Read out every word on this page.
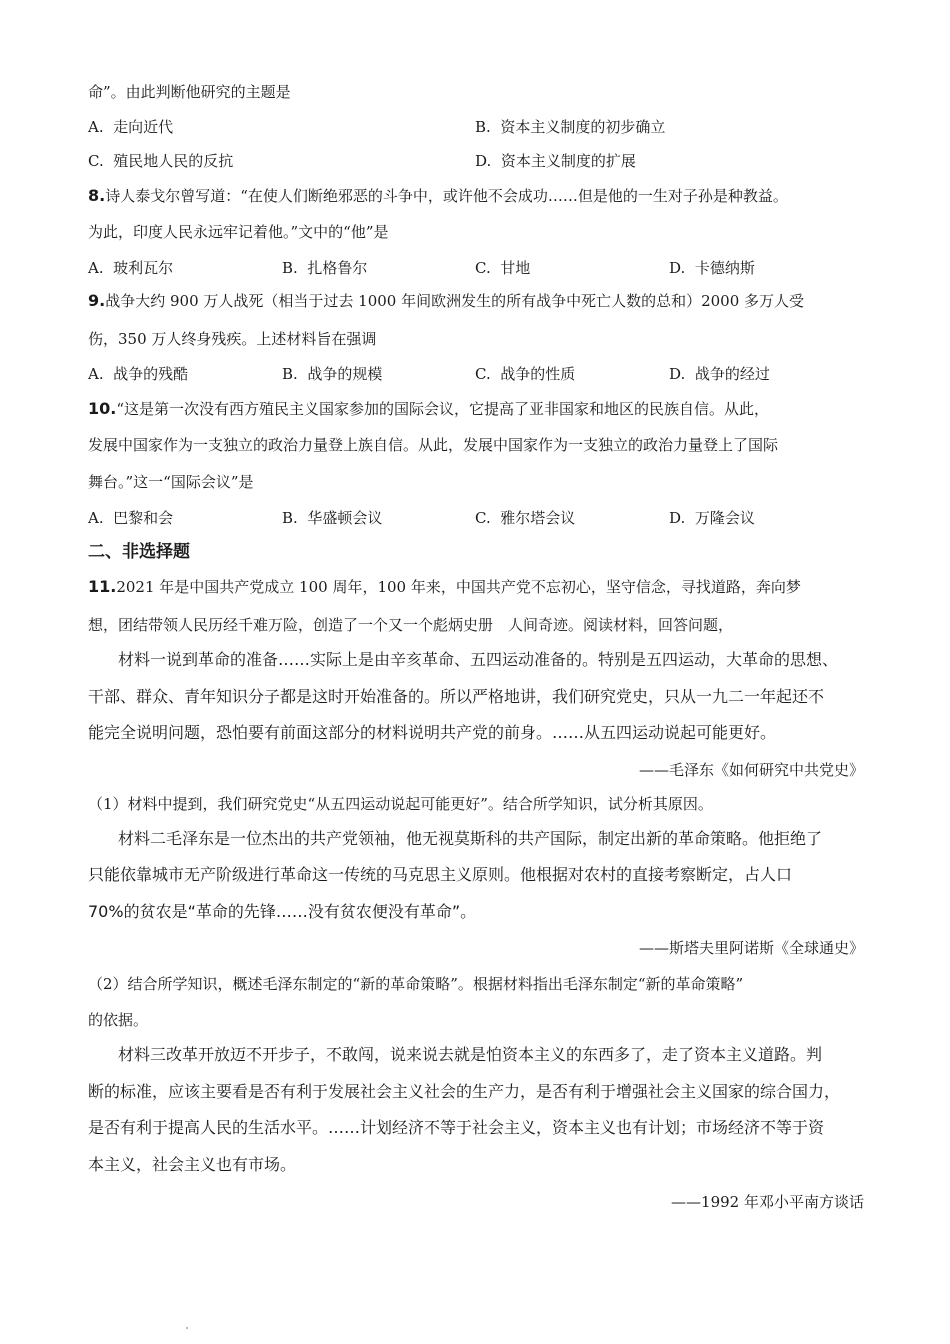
命”。由此判断他研究的主题是
A. 走向近代	B. 资本主义制度的初步确立
C. 殖民地人民的反抗	D. 资本主义制度的扩展
8.诗人泰戈尔曾写道：“在使人们断绝邪恶的斗争中，或许他不会成功……但是他的一生对子孙是种教益。
为此，印度人民永远牢记着他。”文中的“他”是
A. 玻利瓦尔	B. 扎格鲁尔	C. 甘地	D. 卡德纳斯
9.战争大约 900 万人战死（相当于过去 1000 年间欧洲发生的所有战争中死亡人数的总和）2000 多万人受
伤，350 万人终身残疾。上述材料旨在强调
A. 战争的残酷	B. 战争的规模	C. 战争的性质	D. 战争的经过
10.“这是第一次没有西方殖民主义国家参加的国际会议，它提高了亚非国家和地区的民族自信。从此，
发展中国家作为一支独立的政治力量登上族自信。从此，发展中国家作为一支独立的政治力量登上了国际
舞台。”这一“国际会议”是
A. 巴黎和会	B. 华盛顿会议	C. 雅尔塔会议	D. 万隆会议
二、非选择题
11.2021 年是中国共产党成立 100 周年，100 年来，中国共产党不忘初心，坚守信念，寻找道路，奔向梦
想，团结带领人民历经千难万险，创造了一个又一个彪炳史册　人间奇迹。阅读材料，回答问题，
材料一说到革命的准备……实际上是由辛亥革命、五四运动准备的。特别是五四运动，大革命的思想、
干部、群众、青年知识分子都是这时开始准备的。所以严格地讲，我们研究党史，只从一九二一年起还不
能完全说明问题，恐怕要有前面这部分的材料说明共产党的前身。……从五四运动说起可能更好。
——毛泽东《如何研究中共党史》
（1）材料中提到，我们研究党史“从五四运动说起可能更好”。结合所学知识，试分析其原因。
材料二毛泽东是一位杰出的共产党领袖，他无视莫斯科的共产国际，制定出新的革命策略。他拒绝了
只能依靠城市无产阶级进行革命这一传统的马克思主义原则。他根据对农村的直接考察断定，占人口
70%的贫农是“革命的先锋……没有贫农便没有革命”。
——斯塔夫里阿诺斯《全球通史》
（2）结合所学知识，概述毛泽东制定的“新的革命策略”。根据材料指出毛泽东制定“新的革命策略”
的依据。
材料三改革开放迈不开步子，不敢闯，说来说去就是怕资本主义的东西多了，走了资本主义道路。判
断的标准，应该主要看是否有利于发展社会主义社会的生产力，是否有利于增强社会主义国家的综合国力，
是否有利于提高人民的生活水平。……计划经济不等于社会主义，资本主义也有计划；市场经济不等于资
本主义，社会主义也有市场。
——1992 年邓小平南方谈话
